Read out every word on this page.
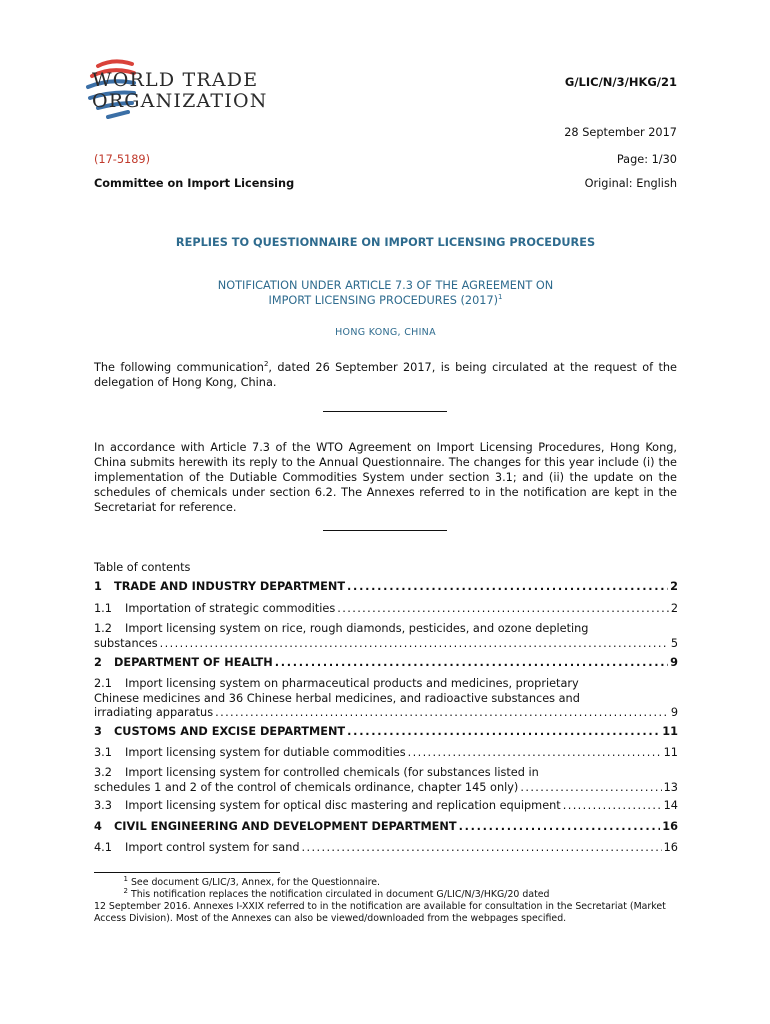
WORLD TRADE
ORGANIZATION
G/LIC/N/3/HKG/21
28 September 2017
(17-5189)	Page: 1/30
Committee on Import Licensing	Original: English
REPLIES TO QUESTIONNAIRE ON IMPORT LICENSING PROCEDURES
NOTIFICATION UNDER ARTICLE 7.3 OF THE AGREEMENT ON
IMPORT LICENSING PROCEDURES $(2017)^1$
HONG KONG, CHINA
The following communication$^2$, dated 26 September 2017, is being circulated at the request of the delegation of Hong Kong, China.
In accordance with Article 7.3 of the WTO Agreement on Import Licensing Procedures, Hong Kong, China submits herewith its reply to the Annual Questionnaire. The changes for this year include (i) the implementation of the Dutiable Commodities System under section 3.1; and (ii) the update on the schedules of chemicals under section 6.2. The Annexes referred to in the notification are kept in the Secretariat for reference.
Table of contents
1 TRADE AND INDUSTRY DEPARTMENT . . .	2
1.1 Importation of strategic commodities . . .	2
1.2 Import licensing system on rice, rough diamonds, pesticides, and ozone depleting
substances . . .	5
2 DEPARTMENT OF HEALTH . . .	9
2.1 Import licensing system on pharmaceutical products and medicines, proprietary
Chinese medicines and 36 Chinese herbal medicines, and radioactive substances and
irradiating apparatus . . .	9
3 CUSTOMS AND EXCISE DEPARTMENT . . .	11
3.1 Import licensing system for dutiable commodities . . .	11
3.2 Import licensing system for controlled chemicals (for substances listed in
schedules 1 and 2 of the control of chemicals ordinance, chapter 145 only) . . .	13
3.3 Import licensing system for optical disc mastering and replication equipment . . .	14
4 CIVIL ENGINEERING AND DEVELOPMENT DEPARTMENT . . .	16
4.1 Import control system for sand . . .	16
$^1$ See document G/LIC/3, Annex, for the Questionnaire.
$^2$ This notification replaces the notification circulated in document G/LIC/N/3/HKG/20 dated
12 September 2016. Annexes I-XXIX referred to in the notification are available for consultation in the Secretariat (Market Access Division). Most of the Annexes can also be viewed/downloaded from the webpages specified.
